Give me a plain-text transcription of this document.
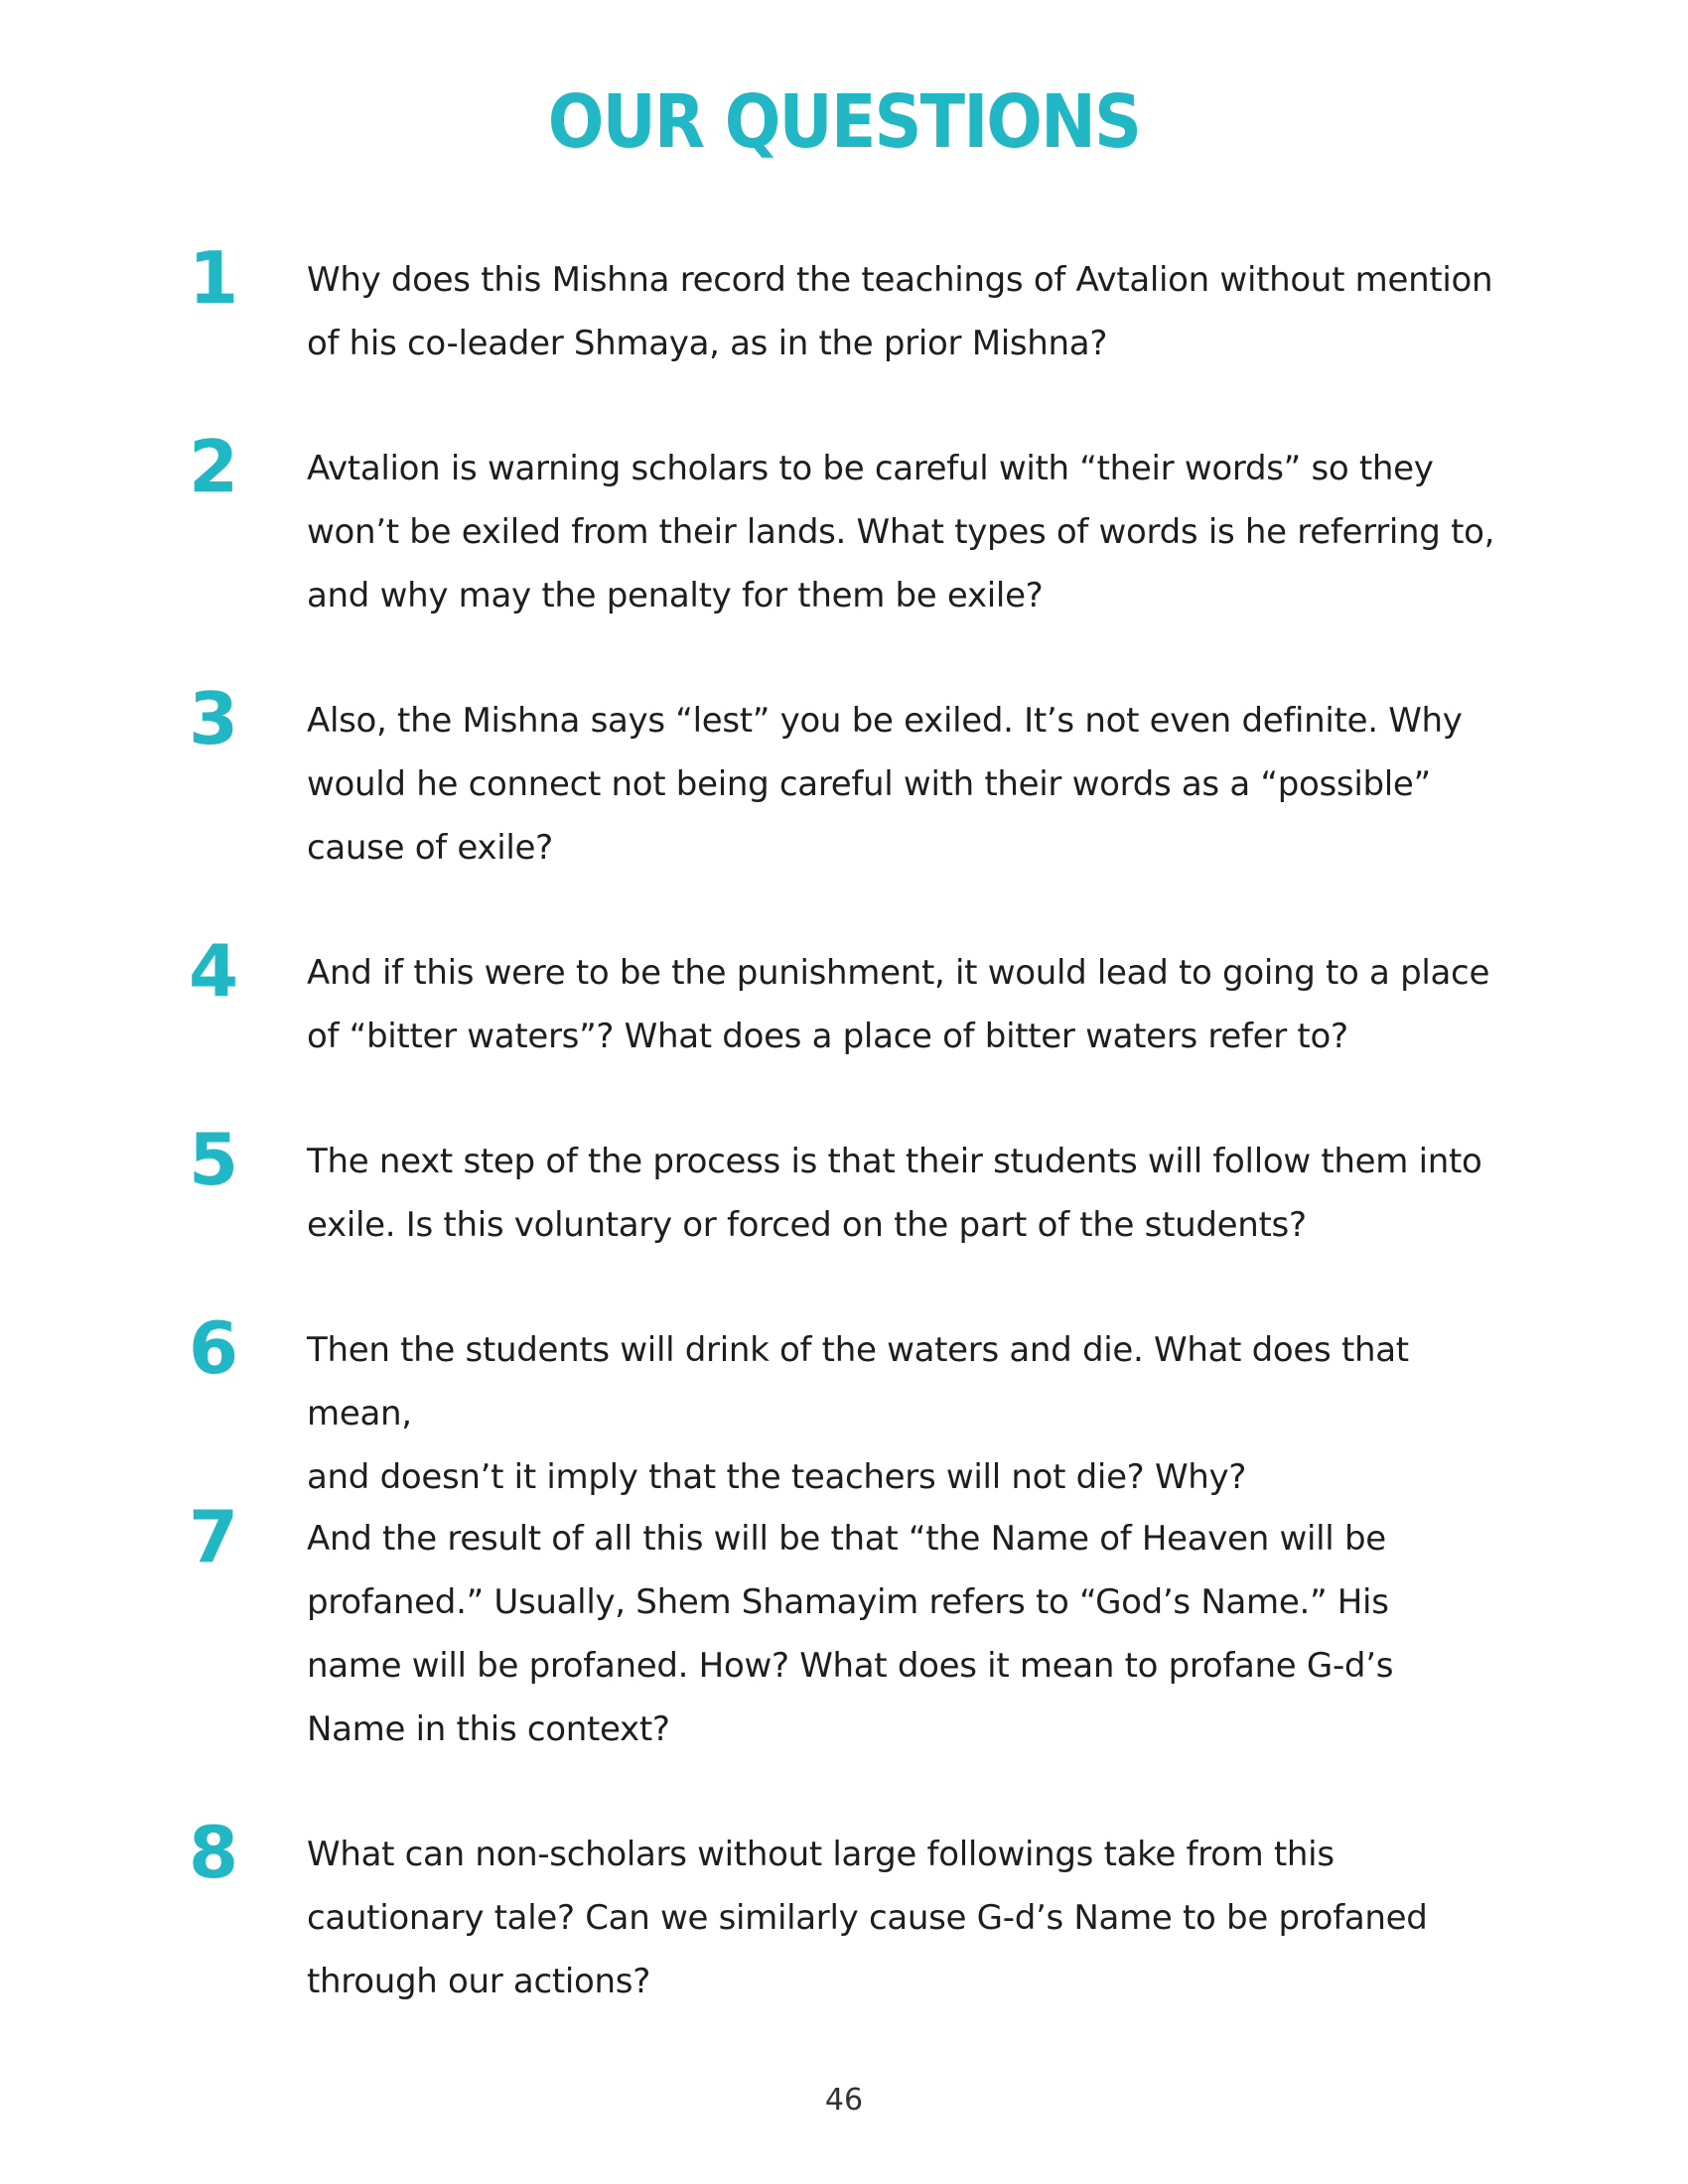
OUR QUESTIONS
1	Why does this Mishna record the teachings of Avtalion without mention
of his co-leader Shmaya, as in the prior Mishna?

2	Avtalion is warning scholars to be careful with “their words” so they
won’t be exiled from their lands. What types of words is he referring to,
and why may the penalty for them be exile?

3	Also, the Mishna says “lest” you be exiled. It’s not even definite. Why
would he connect not being careful with their words as a “possible”
cause of exile?

4	And if this were to be the punishment, it would lead to going to a place
of “bitter waters”? What does a place of bitter waters refer to?

5	The next step of the process is that their students will follow them into
exile. Is this voluntary or forced on the part of the students?

6	Then the students will drink of the waters and die. What does that mean,
and doesn’t it imply that the teachers will not die? Why?

7	And the result of all this will be that “the Name of Heaven will be
profaned.” Usually, Shem Shamayim refers to “God’s Name.” His
name will be profaned. How? What does it mean to profane G-d’s
Name in this context?

8	What can non-scholars without large followings take from this
cautionary tale? Can we similarly cause G-d’s Name to be profaned
through our actions?

46
